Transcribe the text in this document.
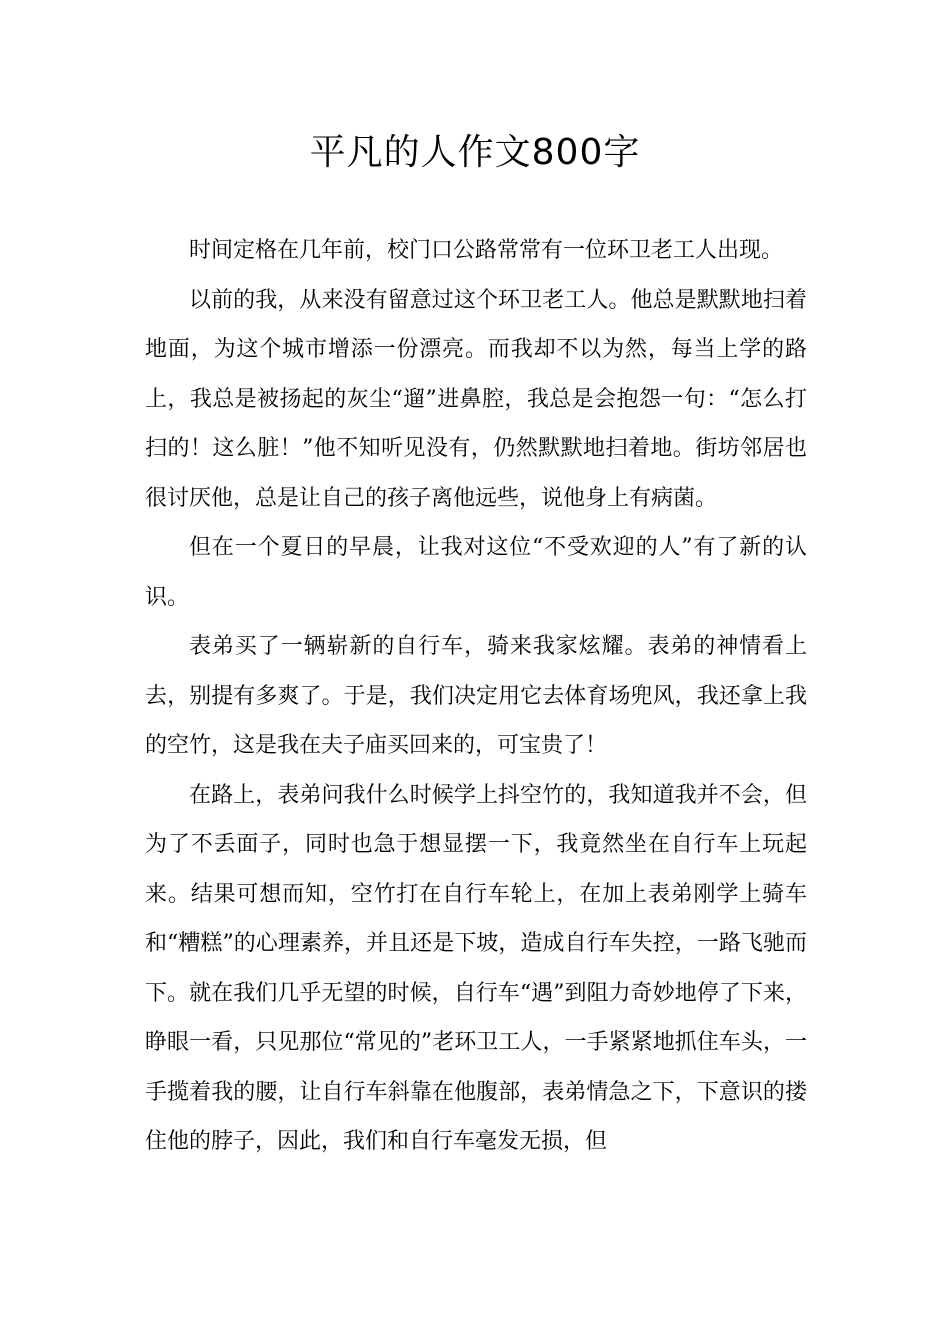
平凡的人作文800字

时间定格在几年前，校门口公路常常有一位环卫老工人出现。

以前的我，从来没有留意过这个环卫老工人。他总是默默地扫着地面，为这个城市增添一份漂亮。而我却不以为然，每当上学的路上，我总是被扬起的灰尘“遛”进鼻腔，我总是会抱怨一句：“怎么打扫的！这么脏！”他不知听见没有，仍然默默地扫着地。街坊邻居也很讨厌他，总是让自己的孩子离他远些，说他身上有病菌。

但在一个夏日的早晨，让我对这位“不受欢迎的人”有了新的认识。

表弟买了一辆崭新的自行车，骑来我家炫耀。表弟的神情看上去，别提有多爽了。于是，我们决定用它去体育场兜风，我还拿上我的空竹，这是我在夫子庙买回来的，可宝贵了！

在路上，表弟问我什么时候学上抖空竹的，我知道我并不会，但为了不丢面子，同时也急于想显摆一下，我竟然坐在自行车上玩起来。结果可想而知，空竹打在自行车轮上，在加上表弟刚学上骑车和“糟糕”的心理素养，并且还是下坡，造成自行车失控，一路飞驰而下。就在我们几乎无望的时候，自行车“遇”到阻力奇妙地停了下来，睁眼一看，只见那位“常见的”老环卫工人，一手紧紧地抓住车头，一手揽着我的腰，让自行车斜靠在他腹部，表弟情急之下，下意识的搂住他的脖子，因此，我们和自行车毫发无损，但
